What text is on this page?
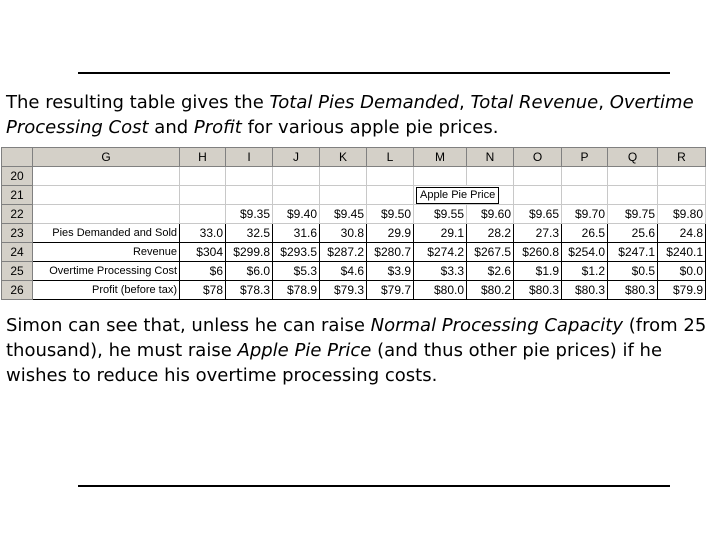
The resulting table gives the Total Pies Demanded, Total Revenue, Overtime Processing Cost and Profit for various apple pie prices.

	G	H	I	J	K	L	M	N	O	P	Q	R
20												
21							Apple Pie Price					
22			$9.35	$9.40	$9.45	$9.50	$9.55	$9.60	$9.65	$9.70	$9.75	$9.80
23	Pies Demanded and Sold	33.0	32.5	31.6	30.8	29.9	29.1	28.2	27.3	26.5	25.6	24.8
24	Revenue	$304	$299.8	$293.5	$287.2	$280.7	$274.2	$267.5	$260.8	$254.0	$247.1	$240.1
25	Overtime Processing Cost	$6	$6.0	$5.3	$4.6	$3.9	$3.3	$2.6	$1.9	$1.2	$0.5	$0.0
26	Profit (before tax)	$78	$78.3	$78.9	$79.3	$79.7	$80.0	$80.2	$80.3	$80.3	$80.3	$79.9

Simon can see that, unless he can raise Normal Processing Capacity (from 25 thousand), he must raise Apple Pie Price (and thus other pie prices) if he wishes to reduce his overtime processing costs.
